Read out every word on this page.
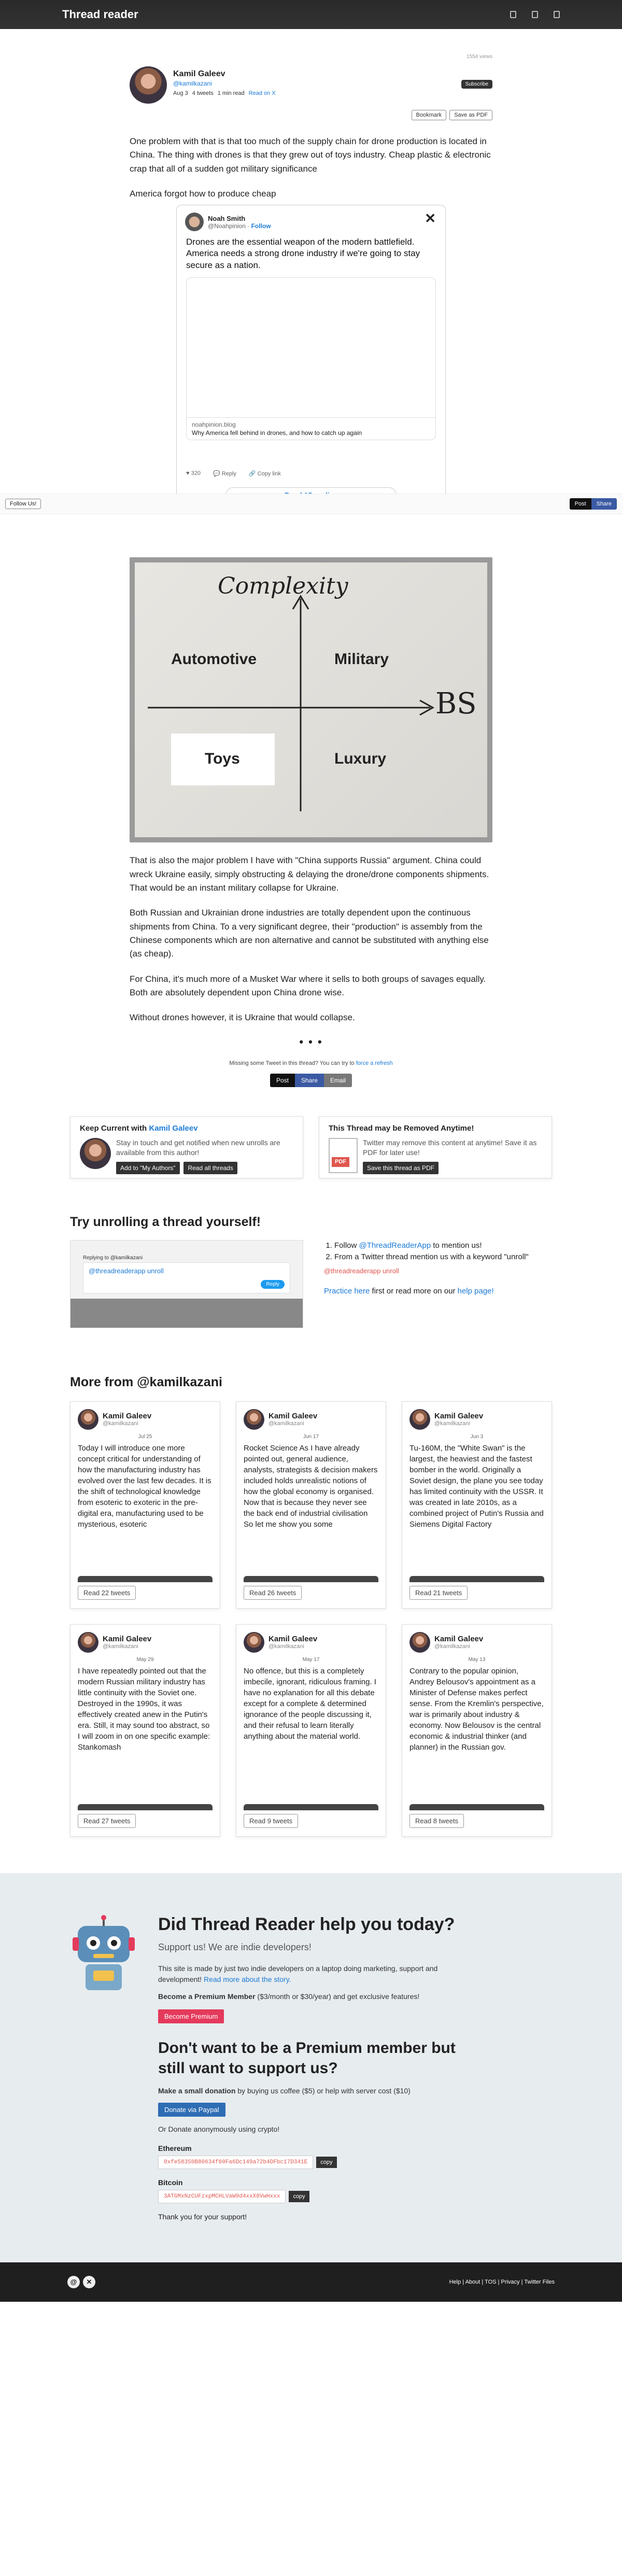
Thread reader
1554 views
Kamil Galeev
@kamilkazani
Aug 3 4 tweets 1 min read Read on X
Subscribe
Bookmark	Save as PDF

One problem with that is that too much of the supply chain for drone production is located in China. The thing with drones is that they grew out of toys industry. Cheap plastic & electronic crap that all of a sudden got military significance

America forgot how to produce cheap

Noah Smith
@Noahpinion · Follow	✕
Drones are the essential weapon of the modern battlefield. America needs a strong drone industry if we're going to stay secure as a nation.
noahpinion.blog
Why America fell behind in drones, and how to catch up again
♥ 320 💬 Reply 🔗 Copy link
Complexity
Automotive	Military
Toys	Luxury
BS

That is also the major problem I have with "China supports Russia" argument. China could wreck Ukraine easily, simply obstructing & delaying the drone/drone components shipments. That would be an instant military collapse for Ukraine.

Both Russian and Ukrainian drone industries are totally dependent upon the continuous shipments from China. To a very significant degree, their "production" is assembly from the Chinese components which are non alternative and cannot be substituted with anything else (as cheap).

For China, it's much more of a Musket War where it sells to both groups of savages equally. Both are absolutely dependent upon China drone wise.

Without drones however, it is Ukraine that would collapse.

• • •
Missing some Tweet in this thread? You can try to force a refresh
Post	Share	Email
Follow Us!	Post	Share
Keep Current with Kamil Galeev
Stay in touch and get notified when new unrolls are available from this author!
Add to "My Authors" Read all threads
This Thread may be Removed Anytime!
PDF
Twitter may remove this content at anytime! Save it as PDF for later use!
Save this thread as PDF
Try unrolling a thread yourself!
Replying to @kamilkazani
@threadreaderapp unroll
Reply
1. Follow @ThreadReaderApp to mention us!
2. From a Twitter thread mention us with a keyword "unroll"
@threadreaderapp unroll
Practice here first or read more on our help page!
More from @kamilkazani
Kamil Galeev
@kamilkazani
Jul 25
Today I will introduce one more concept critical for understanding of how the manufacturing industry has evolved over the last few decades. It is the shift of technological knowledge from esoteric to exoteric in the pre-digital era, manufacturing used to be mysterious, esoteric
Read 22 tweets
Kamil Galeev
@kamilkazani
Jun 17
Rocket Science As I have already pointed out, general audience, analysts, strategists & decision makers included holds unrealistic notions of how the global economy is organised. Now that is because they never see the back end of industrial civilisation So let me show you some
Read 26 tweets
Kamil Galeev
@kamilkazani
Jun 3
Tu-160M, the "White Swan" is the largest, the heaviest and the fastest bomber in the world. Originally a Soviet design, the plane you see today has limited continuity with the USSR. It was created in late 2010s, as a combined project of Putin's Russia and Siemens Digital Factory
Read 21 tweets
Kamil Galeev
@kamilkazani
May 29
I have repeatedly pointed out that the modern Russian military industry has little continuity with the Soviet one. Destroyed in the 1990s, it was effectively created anew in the Putin's era. Still, it may sound too abstract, so I will zoom in on one specific example: Stankomash
Read 27 tweets
Kamil Galeev
@kamilkazani
May 17
No offence, but this is a completely imbecile, ignorant, ridiculous framing. I have no explanation for all this debate except for a complete & determined ignorance of the people discussing it, and their refusal to learn literally anything about the material world.
Read 9 tweets
Kamil Galeev
@kamilkazani
May 13
Contrary to the popular opinion, Andrey Belousov's appointment as a Minister of Defense makes perfect sense. From the Kremlin's perspective, war is primarily about industry & economy. Now Belousov is the central economic & industrial thinker (and planner) in the Russian gov.
Read 8 tweets
Did Thread Reader help you today?
Support us! We are indie developers!
This site is made by just two indie developers on a laptop doing marketing, support and development! Read more about the story.
Become a Premium Member ($3/month or $30/year) and get exclusive features!
Become Premium
Don't want to be a Premium member but still want to support us?
Make a small donation by buying us coffee ($5) or help with server cost ($10)
Donate via Paypal
Or Donate anonymously using crypto!
Ethereum
0xfe58350B80634f60Fa6Dc149a72b4DFbc17D341E	copy
Bitcoin
3ATGMxNzCUFzxpMCHLVaW9d4xxX8VwHxxx	copy
Thank you for your support!
@	✕	Help | About | TOS | Privacy | Twitter Files
